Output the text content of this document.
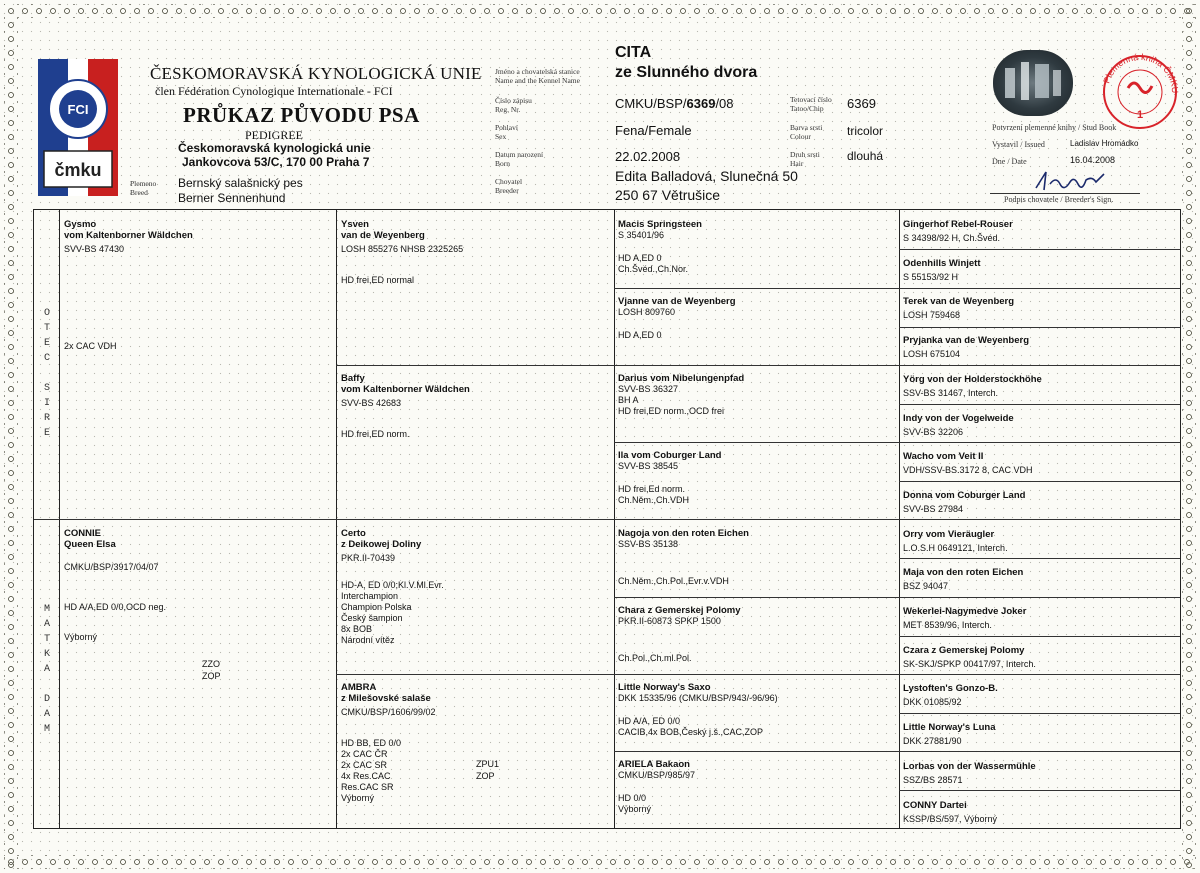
FCI
čmku
ČESKOMORAVSKÁ KYNOLOGICKÁ UNIE
člen Fédération Cynologique Internationale - FCI
PRŮKAZ PŮVODU PSA
PEDIGREE
Českomoravská kynologická unie
Jankovcova 53/C, 170 00 Praha 7
Plemeno
Breed
Bernský salašnický pes
Berner Sennenhund
Jméno a chovatelská stanice
Name and the Kennel Name
Číslo zápisu
Reg. Nr.
Pohlaví
Sex
Datum narození
Born
Chovatel
Breeder
CITA
ze Slunného dvora
CMKU/BSP/6369/08
Fena/Female
22.02.2008
Edita Balladová, Slunečná 50
250 67 Větrušice
Tetovací číslo
Tatoo/Chip
Barva srsti
Colour
Druh srsti
Hair
6369
tricolor
dlouhá
Plemenná kniha ČMKU
1
Potvrzení plemenné knihy / Stud Book
Vystavil / Issued	Ladislav Hromádko
Dne / Date	16.04.2008
Podpis chovatele / Breeder's Sign.
O
T
E
C
S
I
R
E
M
A
T
K
A
D
A
M
Gysmo
vom Kaltenborner Wäldchen
SVV-BS 47430
2x CAC VDH
CONNIE
Queen Elsa
CMKU/BSP/3917/04/07
HD A/A,ED 0/0,OCD neg.
Výborný
ZZO
ZOP
Ysven
van de Weyenberg
LOSH 855276 NHSB 2325265
HD frei,ED normal
Baffy
vom Kaltenborner Wäldchen
SVV-BS 42683
HD frei,ED norm.
Certo
z Deikowej Doliny
PKR.II-70439
HD-A, ED 0/0;Kl.V.Ml.Evr.
Interchampion
Champion Polska
Český šampion
8x BOB
Národní vítěz
AMBRA
z Milešovské salaše
CMKU/BSP/1606/99/02
HD BB, ED 0/0
2x CAC ČR
2x CAC SR
4x Res.CAC
Res.CAC SR
Výborný
ZPU1
ZOP
Macis Springsteen
S 35401/96
HD A,ED 0
Ch.Švéd.,Ch.Nor.
Vjanne van de Weyenberg
LOSH 809760
HD A,ED 0
Darius vom Nibelungenpfad
SVV-BS 36327
BH A
HD frei,ED norm.,OCD frei
Ila vom Coburger Land
SVV-BS 38545
HD frei,Ed norm.
Ch.Něm.,Ch.VDH
Nagoja von den roten Eichen
SSV-BS 35138
Ch.Něm.,Ch.Pol.,Evr.v.VDH
Chara z Gemerskej Polomy
PKR.II-60873 SPKP 1500
Ch.Pol.,Ch.ml.Pol.
Little Norway's Saxo
DKK 15335/96 (CMKU/BSP/943/-96/96)
HD A/A, ED 0/0
CACIB,4x BOB,Český j.š.,CAC,ZOP
ARIELA Bakaon
CMKU/BSP/985/97
HD 0/0
Výborný
Gingerhof Rebel-Rouser
S 34398/92 H, Ch.Švéd.
Odenhills Winjett
S 55153/92 H
Terek van de Weyenberg
LOSH 759468
Pryjanka van de Weyenberg
LOSH 675104
Yörg von der Holderstockhöhe
SSV-BS 31467, Interch.
Indy von der Vogelweide
SVV-BS 32206
Wacho vom Veit II
VDH/SSV-BS.3172 8, CAC VDH
Donna vom Coburger Land
SVV-BS 27984
Orry vom Vieräugler
L.O.S.H 0649121, Interch.
Maja von den roten Eichen
BSZ 94047
Wekerlei-Nagymedve Joker
MET 8539/96, Interch.
Czara z Gemerskej Polomy
SK-SKJ/SPKP 00417/97, Interch.
Lystoften's Gonzo-B.
DKK 01085/92
Little Norway's Luna
DKK 27881/90
Lorbas von der Wassermühle
SSZ/BS 28571
CONNY Dartei
KSSP/BS/597, Výborný
